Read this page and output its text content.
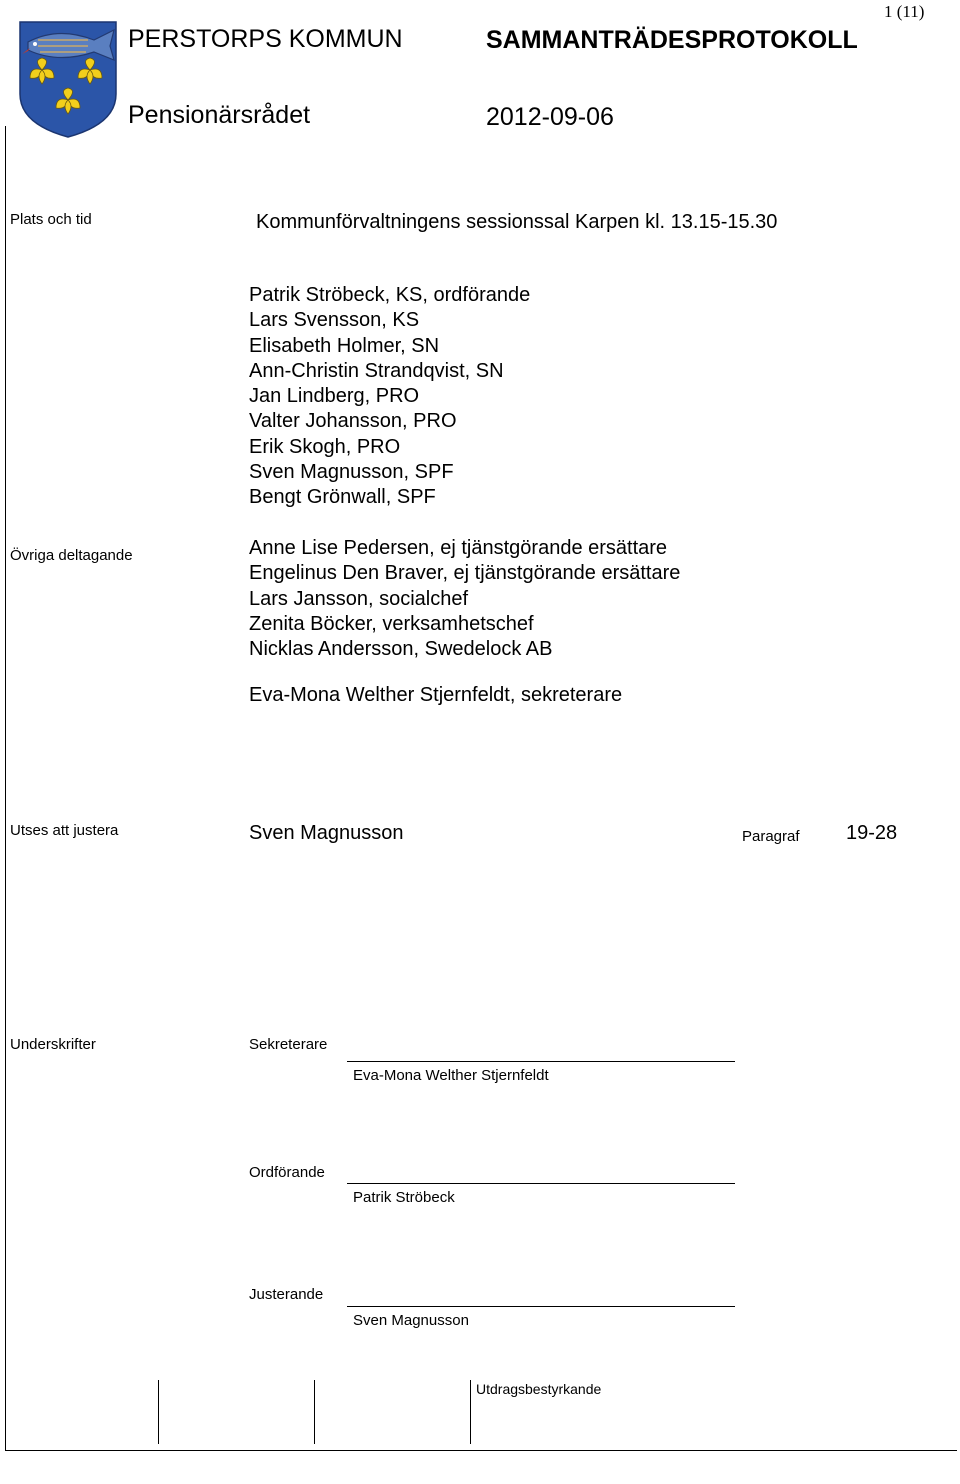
1 (11)
PERSTORPS KOMMUN	SAMMANTRÄDESPROTOKOLL
Pensionärsrådet	2012-09-06
Plats och tid	Kommunförvaltningens sessionssal Karpen kl. 13.15-15.30
Patrik Ströbeck, KS, ordförande
Lars Svensson, KS
Elisabeth Holmer, SN
Ann-Christin Strandqvist, SN
Jan Lindberg, PRO
Valter Johansson, PRO
Erik Skogh, PRO
Sven Magnusson, SPF
Bengt Grönwall, SPF
Övriga deltagande	Anne Lise Pedersen, ej tjänstgörande ersättare
Engelinus Den Braver, ej tjänstgörande ersättare
Lars Jansson, socialchef
Zenita Böcker, verksamhetschef
Nicklas Andersson, Swedelock AB
Eva-Mona Welther Stjernfeldt, sekreterare
Utses att justera	Sven Magnusson	Paragraf 19-28
Underskrifter	Sekreterare
Eva-Mona Welther Stjernfeldt
Ordförande
Patrik Ströbeck
Justerande
Sven Magnusson
Utdragsbestyrkande
